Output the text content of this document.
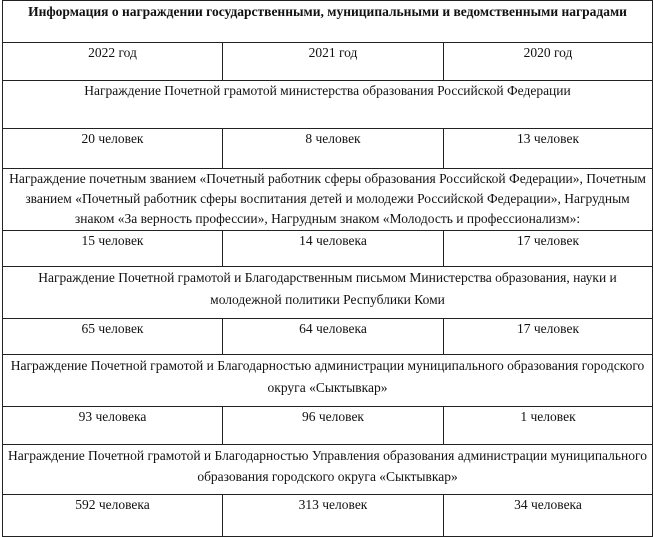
Информация о награждении государственными, муниципальными и ведомственными наградами		
2022 год	2021 год	2020 год
Награждение Почетной грамотой министерства образования Российской Федерации		
20 человек	8 человек	13 человек
Награждение почетным званием «Почетный работник сферы образования Российской Федерации», Почетным званием «Почетный работник сферы воспитания детей и молодежи Российской Федерации», Нагрудным знаком «За верность профессии», Нагрудным знаком «Молодость и профессионализм»:		
15 человек	14 человека	17 человек
Награждение Почетной грамотой и Благодарственным письмом Министерства образования, науки и молодежной политики Республики Коми		
65 человек	64 человека	17 человек
Награждение Почетной грамотой и Благодарностью администрации муниципального образования городского округа «Сыктывкар»		
93 человека	96 человек	1 человек
Награждение Почетной грамотой и Благодарностью Управления образования администрации муниципального образования городского округа «Сыктывкар»		
592 человека	313 человек	34 человека
